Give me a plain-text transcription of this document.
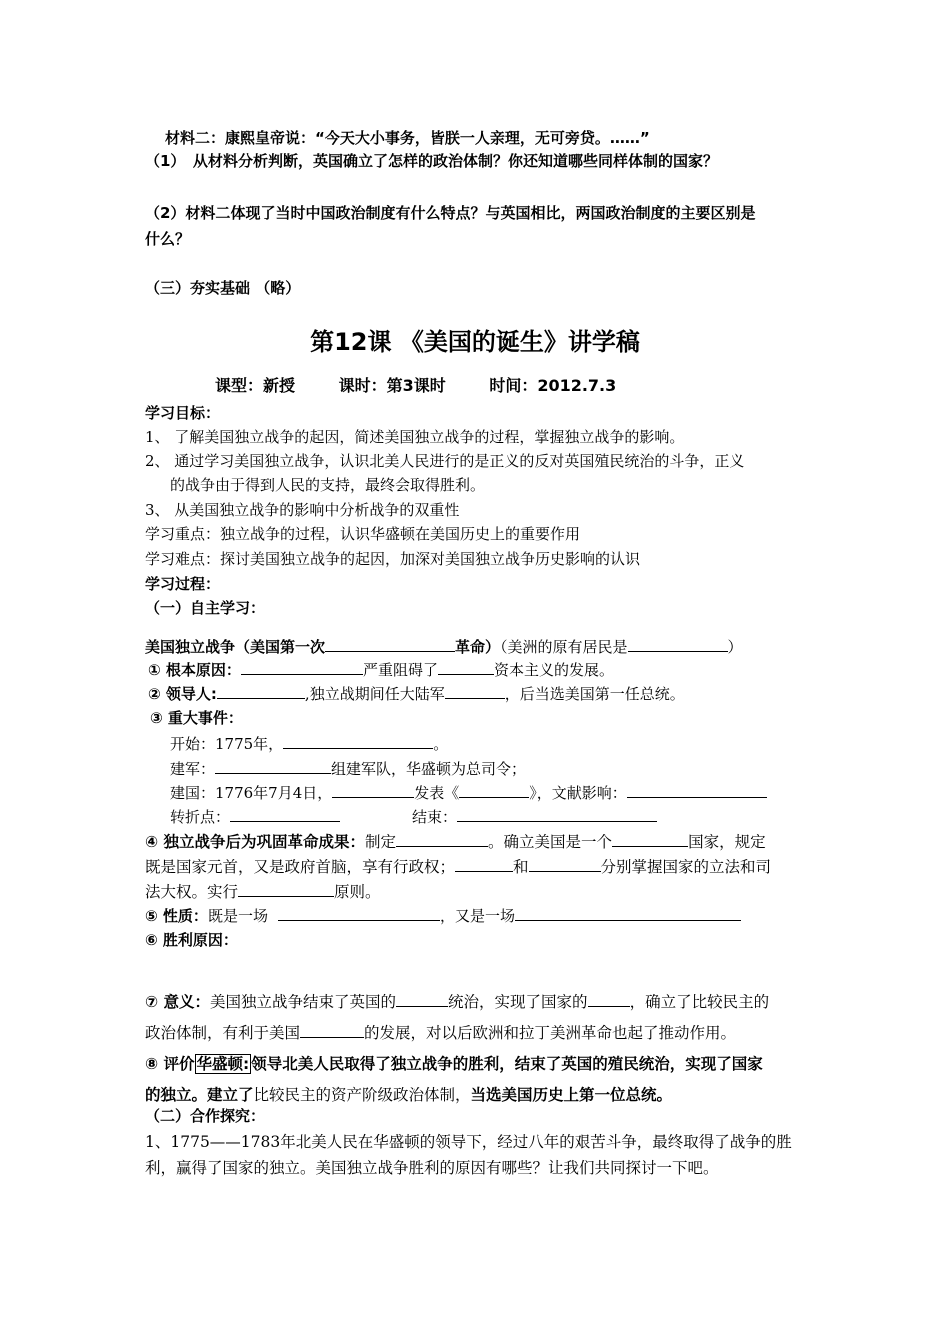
材料二：康熙皇帝说：“今天大小事务，皆朕一人亲理，无可旁贷。……”
（1）　从材料分析判断，英国确立了怎样的政治体制？你还知道哪些同样体制的国家？
（2）材料二体现了当时中国政治制度有什么特点？与英国相比，两国政治制度的主要区别是
什么？
（三）夯实基础 （略）
第12课 《美国的诞生》讲学稿
课型：新授	课时：第3课时	时间：2012.7.3
学习目标：
1、 了解美国独立战争的起因，简述美国独立战争的过程，掌握独立战争的影响。
2、 通过学习美国独立战争，认识北美人民进行的是正义的反对英国殖民统治的斗争，正义
的战争由于得到人民的支持，最终会取得胜利。
3、 从美国独立战争的影响中分析战争的双重性
学习重点：独立战争的过程，认识华盛顿在美国历史上的重要作用
学习难点：探讨美国独立战争的起因，加深对美国独立战争历史影响的认识
学习过程：
（一）自主学习：
美国独立战争（美国第一次	革命）（美洲的原有居民是	）
① 根本原因：	严重阻碍了	资本主义的发展。
② 领导人:	,独立战期间任大陆军	，后当选美国第一任总统。
③ 重大事件：
开始：1775年，	。
建军：	组建军队，华盛顿为总司令；
建国：1776年7月4日，	发表《	》，文献影响：
转折点：	结束：
④ 独立战争后为巩固革命成果：制定	。确立美国是一个	国家，规定
既是国家元首，又是政府首脑，享有行政权；	和	分别掌握国家的立法和司
法大权。实行	原则。
⑤ 性质：既是一场	，又是一场
⑥ 胜利原因：
⑦ 意义：美国独立战争结束了英国的	统治，实现了国家的	，确立了比较民主的
政治体制，有利于美国	的发展，对以后欧洲和拉丁美洲革命也起了推动作用。
⑧ 评价 华盛顿: 领导北美人民取得了独立战争的胜利，结束了英国的殖民统治，实现了国家
的独立。建立了比较民主的资产阶级政治体制，当选美国历史上第一位总统。
（二）合作探究：
1、1775——1783年北美人民在华盛顿的领导下，经过八年的艰苦斗争，最终取得了战争的胜
利，赢得了国家的独立。美国独立战争胜利的原因有哪些？让我们共同探讨一下吧。
